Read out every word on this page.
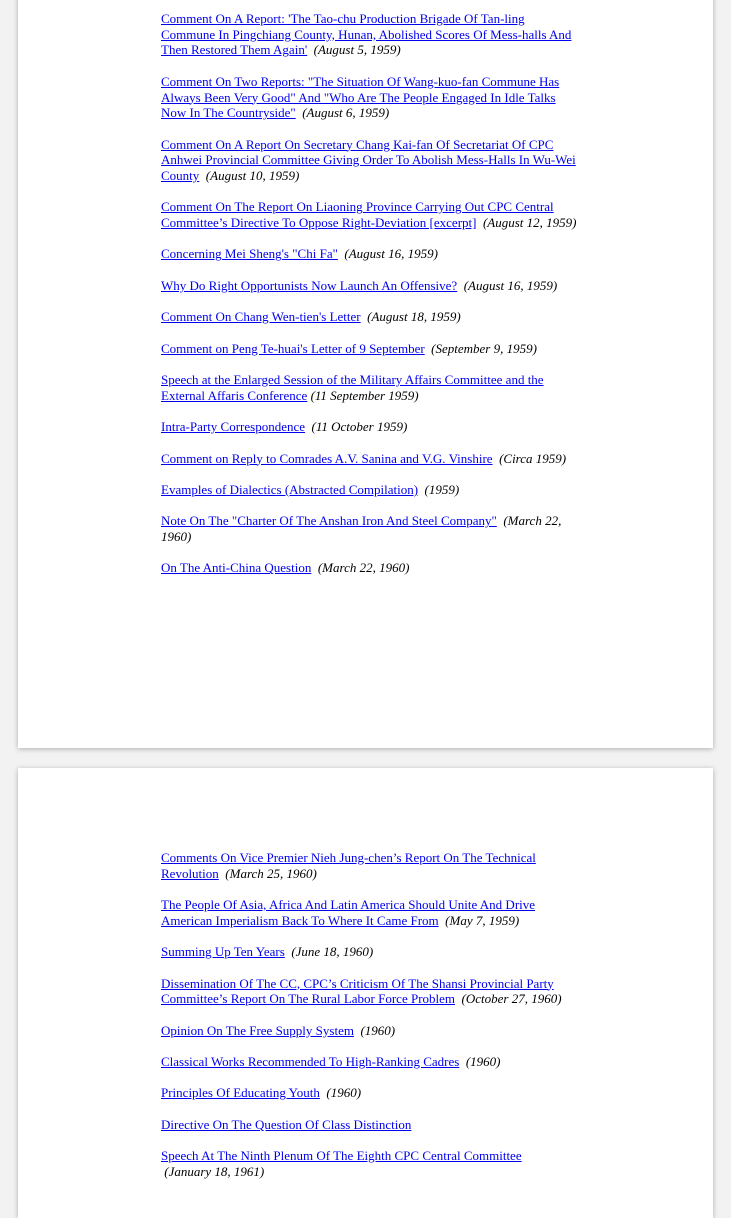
Comment On A Report: 'The Tao-chu Production Brigade Of Tan-ling Commune In Pingchiang County, Hunan, Abolished Scores Of Mess-halls And Then Restored Them Again' (August 5, 1959)

Comment On Two Reports: "The Situation Of Wang-kuo-fan Commune Has Always Been Very Good" And "Who Are The People Engaged In Idle Talks Now In The Countryside" (August 6, 1959)

Comment On A Report On Secretary Chang Kai-fan Of Secretariat Of CPC Anhwei Provincial Committee Giving Order To Abolish Mess-Halls In Wu-Wei County (August 10, 1959)

Comment On The Report On Liaoning Province Carrying Out CPC Central Committee’s Directive To Oppose Right-Deviation [excerpt] (August 12, 1959)

Concerning Mei Sheng's "Chi Fa" (August 16, 1959)

Why Do Right Opportunists Now Launch An Offensive? (August 16, 1959)

Comment On Chang Wen-tien's Letter (August 18, 1959)

Comment on Peng Te-huai's Letter of 9 September (September 9, 1959)

Speech at the Enlarged Session of the Military Affairs Committee and the External Affaris Conference (11 September 1959)

Intra-Party Correspondence (11 October 1959)

Comment on Reply to Comrades A.V. Sanina and V.G. Vinshire (Circa 1959)

Evamples of Dialectics (Abstracted Compilation) (1959)

Note On The "Charter Of The Anshan Iron And Steel Company" (March 22, 1960)

On The Anti-China Question (March 22, 1960)

Comments On Vice Premier Nieh Jung-chen’s Report On The Technical Revolution (March 25, 1960)

The People Of Asia, Africa And Latin America Should Unite And Drive American Imperialism Back To Where It Came From (May 7, 1959)

Summing Up Ten Years (June 18, 1960)

Dissemination Of The CC, CPC’s Criticism Of The Shansi Provincial Party Committee’s Report On The Rural Labor Force Problem (October 27, 1960)

Opinion On The Free Supply System (1960)

Classical Works Recommended To High-Ranking Cadres (1960)

Principles Of Educating Youth (1960)

Directive On The Question Of Class Distinction

Speech At The Ninth Plenum Of The Eighth CPC Central Committee
(January 18, 1961)
